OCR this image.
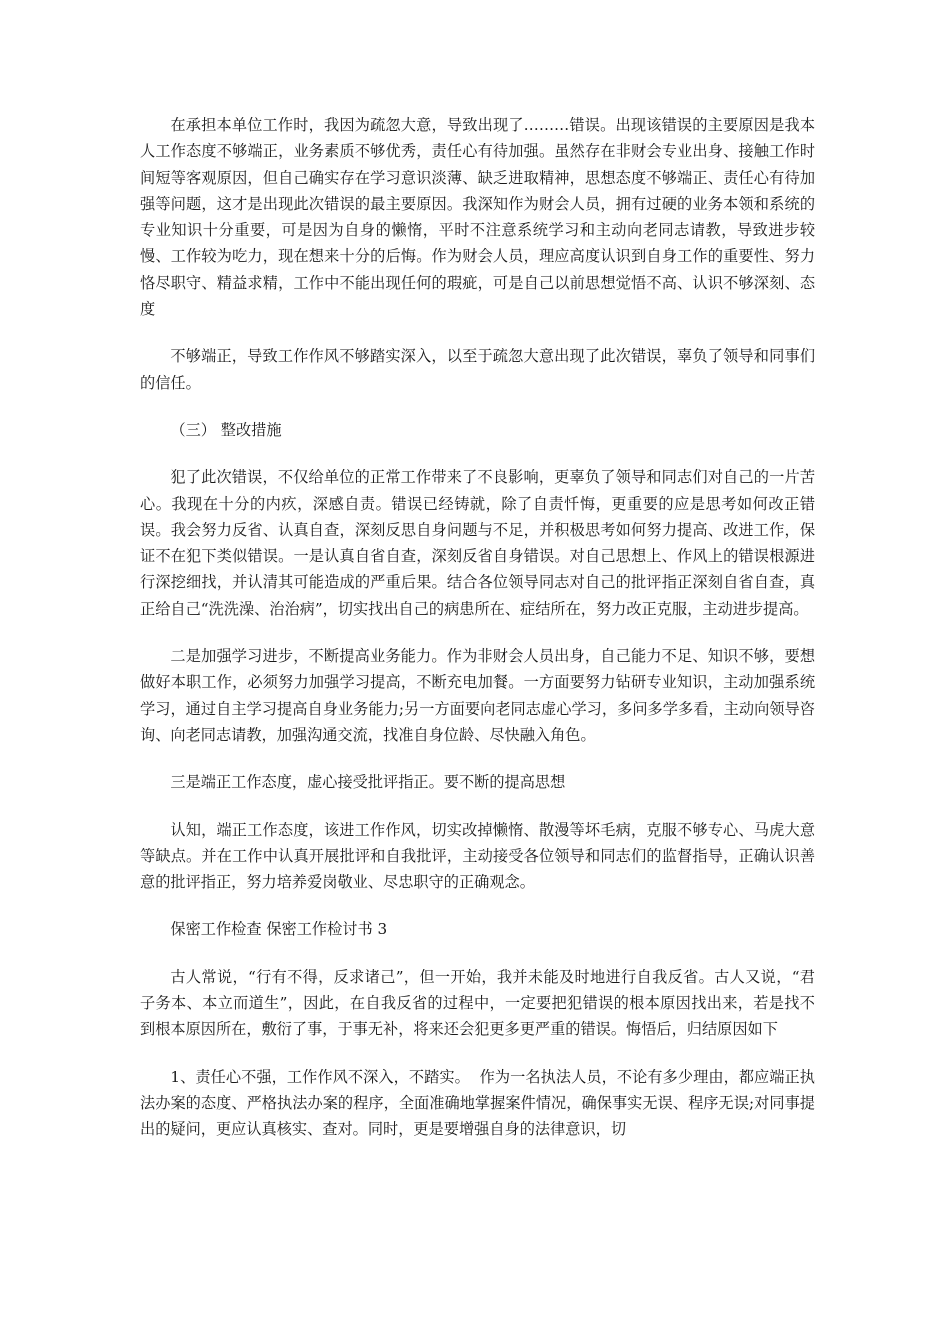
在承担本单位工作时，我因为疏忽大意，导致出现了………错误。出现该错误的主要原因是我本人工作态度不够端正，业务素质不够优秀，责任心有待加强。虽然存在非财会专业出身、接触工作时间短等客观原因，但自己确实存在学习意识淡薄、缺乏进取精神，思想态度不够端正、责任心有待加强等问题，这才是出现此次错误的最主要原因。我深知作为财会人员，拥有过硬的业务本领和系统的专业知识十分重要，可是因为自身的懒惰，平时不注意系统学习和主动向老同志请教，导致进步较慢、工作较为吃力，现在想来十分的后悔。作为财会人员，理应高度认识到自身工作的重要性、努力恪尽职守、精益求精，工作中不能出现任何的瑕疵，可是自己以前思想觉悟不高、认识不够深刻、态度

不够端正，导致工作作风不够踏实深入，以至于疏忽大意出现了此次错误，辜负了领导和同事们的信任。

（三） 整改措施

犯了此次错误，不仅给单位的正常工作带来了不良影响，更辜负了领导和同志们对自己的一片苦心。我现在十分的内疚，深感自责。错误已经铸就，除了自责忏悔，更重要的应是思考如何改正错误。我会努力反省、认真自查，深刻反思自身问题与不足，并积极思考如何努力提高、改进工作，保证不在犯下类似错误。一是认真自省自查，深刻反省自身错误。对自己思想上、作风上的错误根源进行深挖细找，并认清其可能造成的严重后果。结合各位领导同志对自己的批评指正深刻自省自查，真正给自己“洗洗澡、治治病”，切实找出自己的病患所在、症结所在，努力改正克服，主动进步提高。

二是加强学习进步，不断提高业务能力。作为非财会人员出身，自己能力不足、知识不够，要想做好本职工作，必须努力加强学习提高，不断充电加餐。一方面要努力钻研专业知识，主动加强系统学习，通过自主学习提高自身业务能力;另一方面要向老同志虚心学习，多问多学多看，主动向领导咨询、向老同志请教，加强沟通交流，找准自身位龄、尽快融入角色。

三是端正工作态度，虚心接受批评指正。要不断的提高思想

认知，端正工作态度，该进工作作风，切实改掉懒惰、散漫等坏毛病，克服不够专心、马虎大意等缺点。并在工作中认真开展批评和自我批评，主动接受各位领导和同志们的监督指导，正确认识善意的批评指正，努力培养爱岗敬业、尽忠职守的正确观念。

保密工作检查 保密工作检讨书 3

古人常说，“行有不得，反求诸己”，但一开始，我并未能及时地进行自我反省。古人又说，“君子务本、本立而道生”，因此，在自我反省的过程中，一定要把犯错误的根本原因找出来，若是找不到根本原因所在，敷衍了事，于事无补，将来还会犯更多更严重的错误。悔悟后，归结原因如下

1、责任心不强，工作作风不深入，不踏实。  作为一名执法人员，不论有多少理由，都应端正执法办案的态度、严格执法办案的程序，全面准确地掌握案件情况，确保事实无误、程序无误;对同事提出的疑问，更应认真核实、查对。同时，更是要增强自身的法律意识，切
